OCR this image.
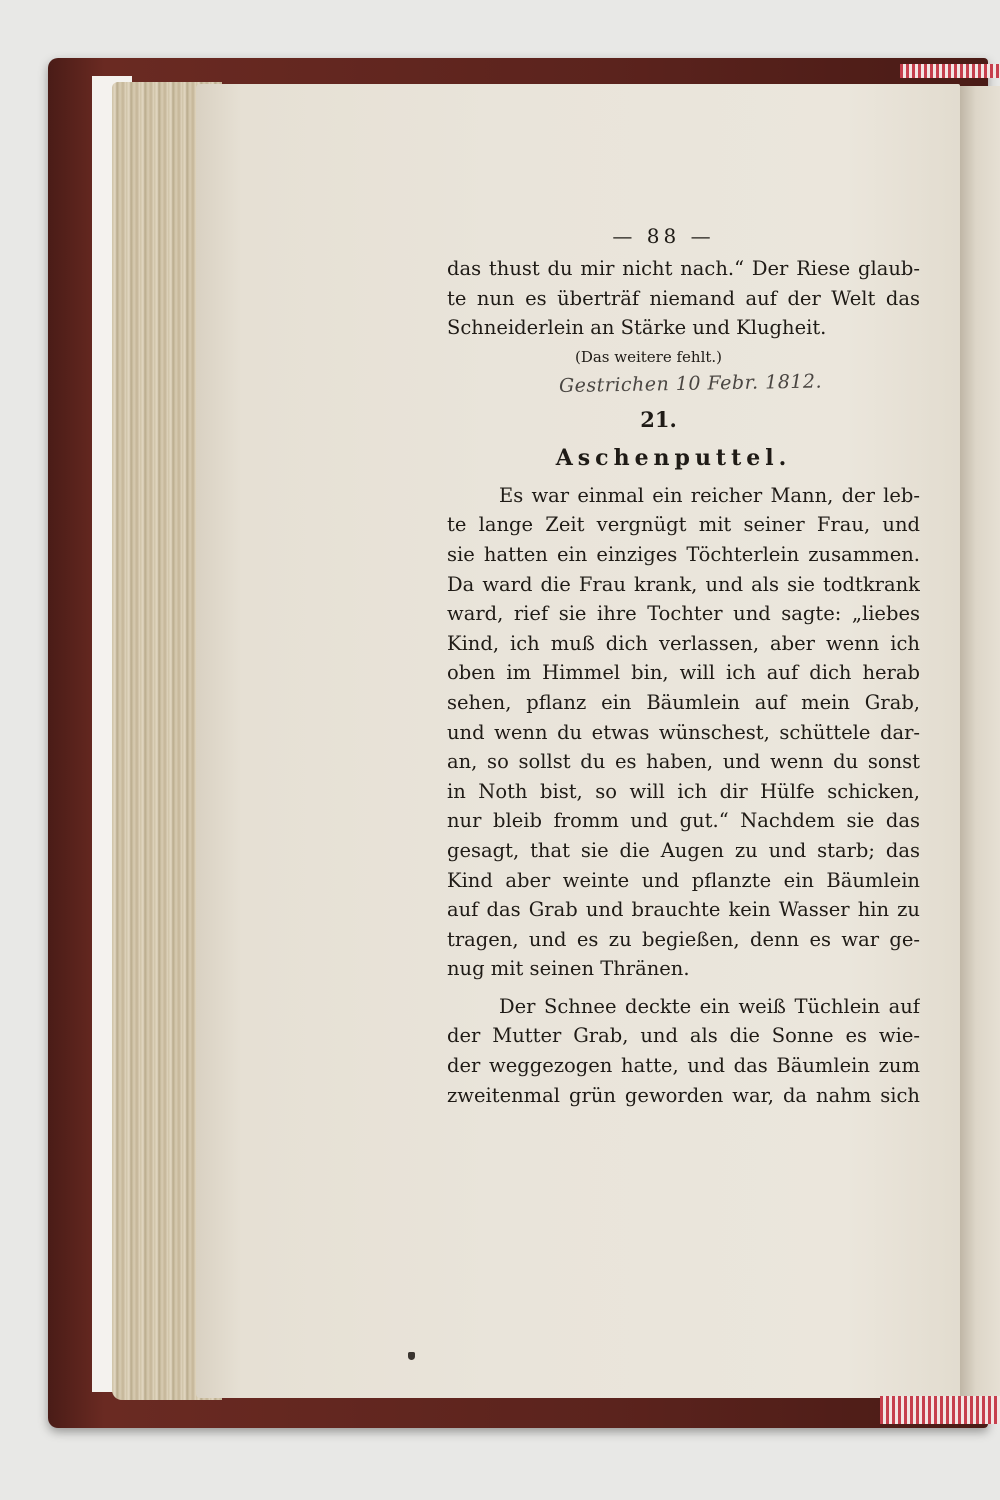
— 88 —
das thust du mir nicht nach.“ Der Riese glaub-
te nun es überträf niemand auf der Welt das
Schneiderlein an Stärke und Klugheit.
(Das weitere fehlt.)
Gestrichen 10 Febr. 1812.
21.
Aschenputtel.
Es war einmal ein reicher Mann, der leb-
te lange Zeit vergnügt mit seiner Frau, und
sie hatten ein einziges Töchterlein zusammen.
Da ward die Frau krank, und als sie todtkrank
ward, rief sie ihre Tochter und sagte: „liebes
Kind, ich muß dich verlassen, aber wenn ich
oben im Himmel bin, will ich auf dich herab
sehen, pflanz ein Bäumlein auf mein Grab,
und wenn du etwas wünschest, schüttele dar-
an, so sollst du es haben, und wenn du sonst
in Noth bist, so will ich dir Hülfe schicken,
nur bleib fromm und gut.“ Nachdem sie das
gesagt, that sie die Augen zu und starb; das
Kind aber weinte und pflanzte ein Bäumlein
auf das Grab und brauchte kein Wasser hin zu
tragen, und es zu begießen, denn es war ge-
nug mit seinen Thränen.
Der Schnee deckte ein weiß Tüchlein auf
der Mutter Grab, und als die Sonne es wie-
der weggezogen hatte, und das Bäumlein zum
zweitenmal grün geworden war, da nahm sich
